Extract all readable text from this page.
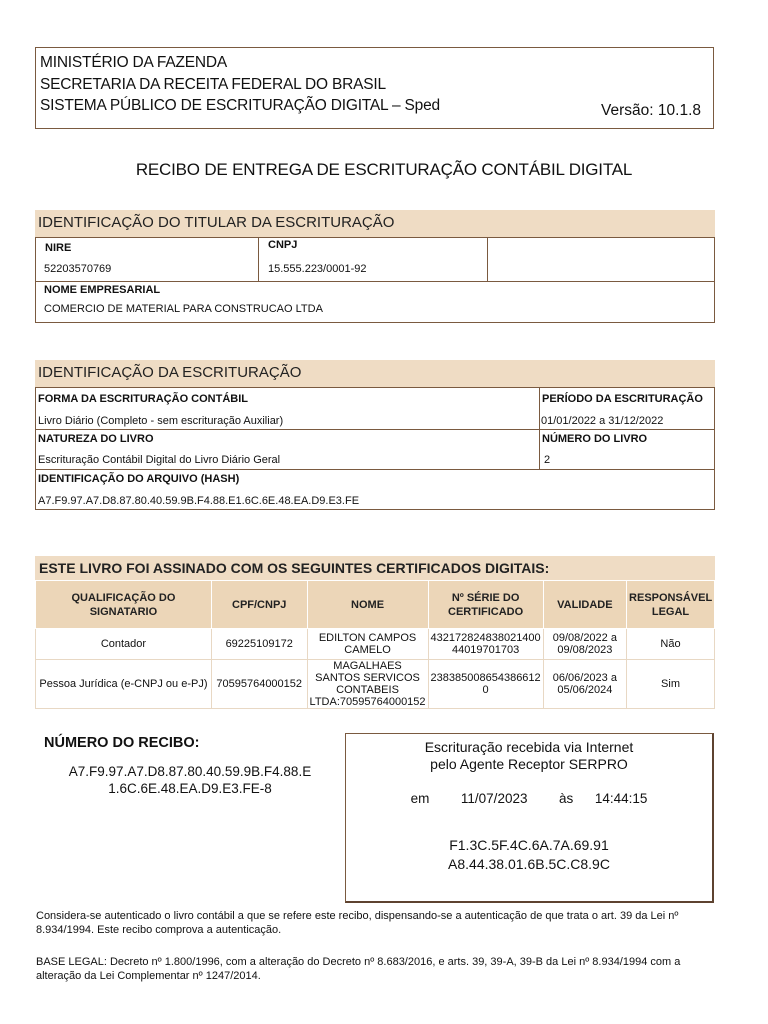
MINISTÉRIO DA FAZENDA
SECRETARIA DA RECEITA FEDERAL DO BRASIL
SISTEMA PÚBLICO DE ESCRITURAÇÃO DIGITAL – Sped	Versão: 10.1.8
RECIBO DE ENTREGA DE ESCRITURAÇÃO CONTÁBIL DIGITAL
IDENTIFICAÇÃO DO TITULAR DA ESCRITURAÇÃO
NIRE
52203570769
CNPJ
15.555.223/0001-92
NOME EMPRESARIAL
COMERCIO DE MATERIAL PARA CONSTRUCAO LTDA
IDENTIFICAÇÃO DA ESCRITURAÇÃO
FORMA DA ESCRITURAÇÃO CONTÁBIL
Livro Diário (Completo - sem escrituração Auxiliar)
PERÍODO DA ESCRITURAÇÃO
01/01/2022 a 31/12/2022
NATUREZA DO LIVRO
Escrituração Contábil Digital do Livro Diário Geral
NÚMERO DO LIVRO
2
IDENTIFICAÇÃO DO ARQUIVO (HASH)
A7.F9.97.A7.D8.87.80.40.59.9B.F4.88.E1.6C.6E.48.EA.D9.E3.FE
ESTE LIVRO FOI ASSINADO COM OS SEGUINTES CERTIFICADOS DIGITAIS:
QUALIFICAÇÃO DO SIGNATARIO	CPF/CNPJ	NOME	Nº SÉRIE DO CERTIFICADO	VALIDADE	RESPONSÁVEL LEGAL
Contador	69225109172	EDILTON CAMPOS CAMELO	432172824838021400 44019701703	09/08/2022 a 09/08/2023	Não
Pessoa Jurídica (e-CNPJ ou e-PJ)	70595764000152	MAGALHAES SANTOS SERVICOS CONTABEIS LTDA:70595764000152	238385008654386612 0	06/06/2023 a 05/06/2024	Sim
NÚMERO DO RECIBO:
A7.F9.97.A7.D8.87.80.40.59.9B.F4.88.E 1.6C.6E.48.EA.D9.E3.FE-8
Escrituração recebida via Internet
pelo Agente Receptor SERPRO
em 11/07/2023 às 14:44:15
F1.3C.5F.4C.6A.7A.69.91
A8.44.38.01.6B.5C.C8.9C
Considera-se autenticado o livro contábil a que se refere este recibo, dispensando-se a autenticação de que trata o art. 39 da Lei nº 8.934/1994. Este recibo comprova a autenticação.
BASE LEGAL: Decreto nº 1.800/1996, com a alteração do Decreto nº 8.683/2016, e arts. 39, 39-A, 39-B da Lei nº 8.934/1994 com a alteração da Lei Complementar nº 1247/2014.
